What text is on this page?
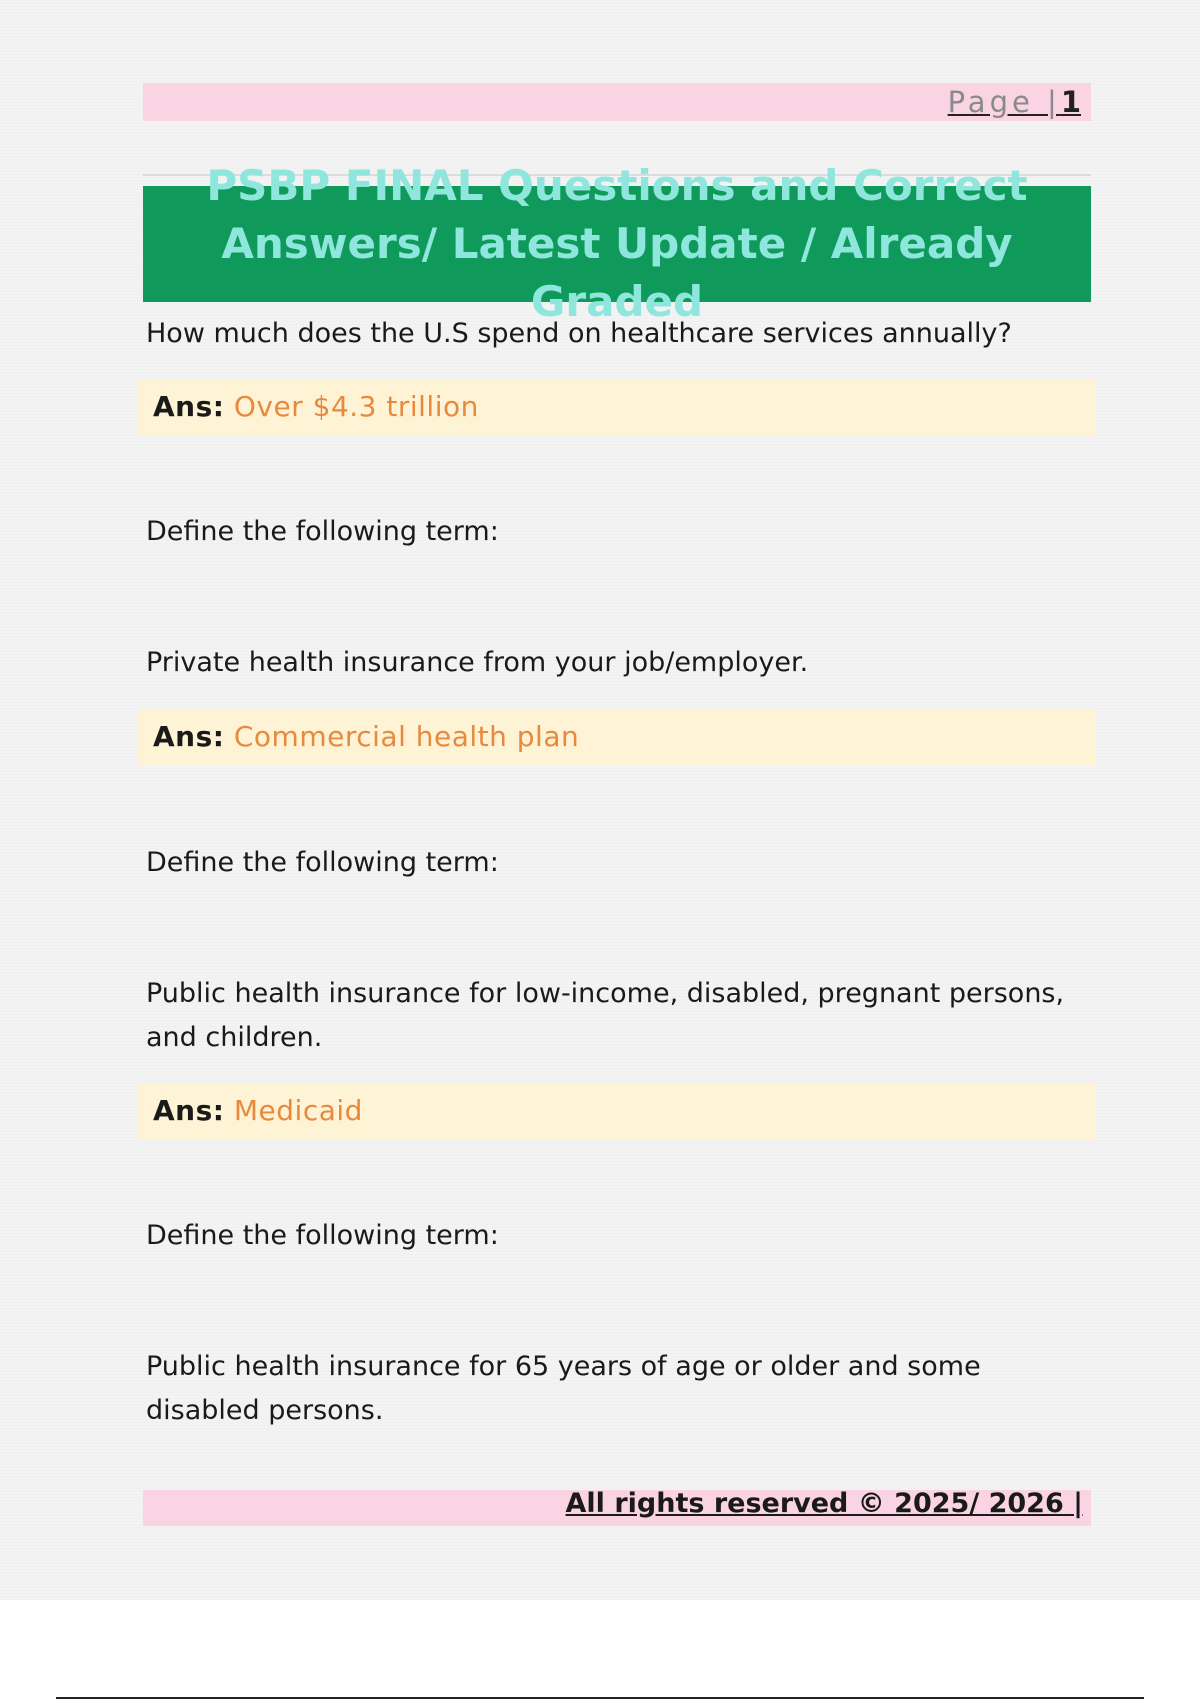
Page |1
PSBP FINAL Questions and Correct
Answers/ Latest Update / Already Graded
How much does the U.S spend on healthcare services annually?
Ans: Over $4.3 trillion
Define the following term:
Private health insurance from your job/employer.
Ans: Commercial health plan
Define the following term:
Public health insurance for low-income, disabled, pregnant persons, and children.
Ans: Medicaid
Define the following term:
Public health insurance for 65 years of age or older and some disabled persons.
All rights reserved © 2025/ 2026 |
